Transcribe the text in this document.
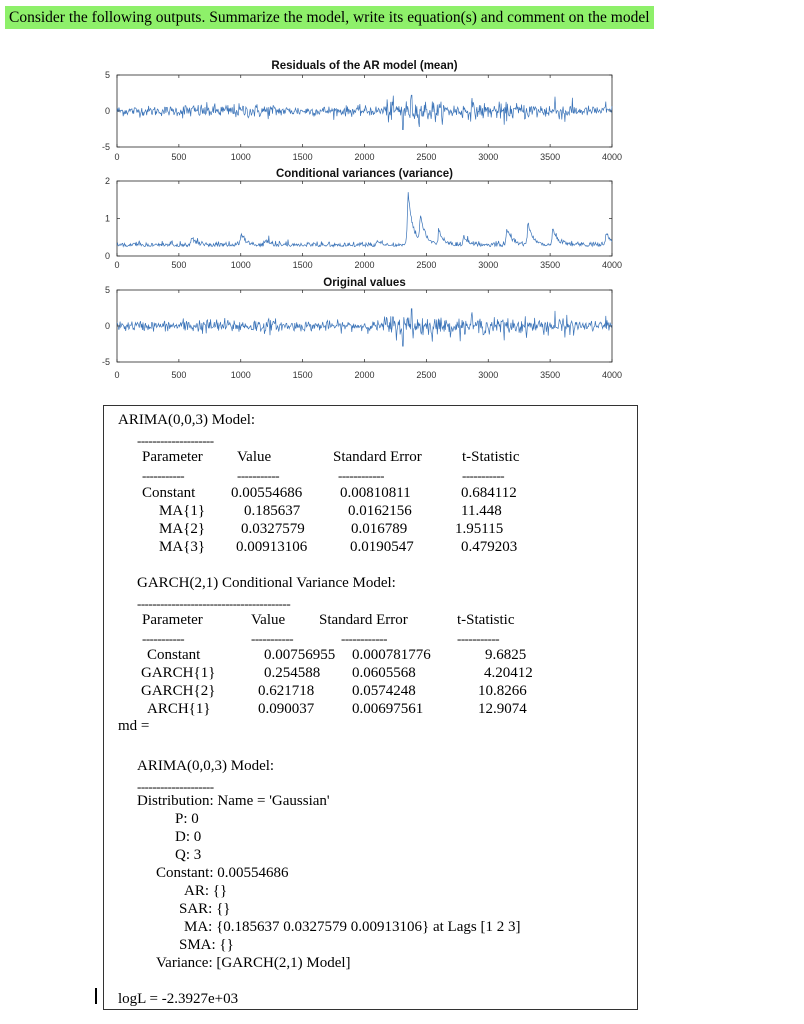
Consider the following outputs. Summarize the model, write its equation(s) and comment on the model
Residuals of the AR model (mean)
0	500	1000	1500	2000	2500	3000	3500	4000
5
0
-5
Conditional variances (variance)
0	500	1000	1500	2000	2500	3000	3500	4000
2
1
0
Original values
0	500	1000	1500	2000	2500	3000	3500	4000
5
0
-5
ARIMA(0,0,3) Model:
--------------------
Parameter Value	Standard Error	t-Statistic
-----------	-----------	------------	-----------
Constant 0.00554686	0.00810811	0.684112
MA{1}	0.185637	0.0162156	11.448
MA{2} 0.0327579	0.016789	1.95115
MA{3} 0.00913106	0.0190547	0.479203
GARCH(2,1) Conditional Variance Model:
----------------------------------------
Parameter	Value Standard Error	t-Statistic
-----------	-----------	------------	-----------
Constant	0.00756955 0.000781776	9.6825
GARCH{1}	0.254588 0.0605568	4.20412
GARCH{2}	0.621718	0.0574248	10.8266
ARCH{1}	0.090037	0.00697561	12.9074
md =
ARIMA(0,0,3) Model:
--------------------
Distribution: Name = 'Gaussian'
P: 0
D: 0
Q: 3
Constant: 0.00554686
AR: {}
SAR: {}
MA: {0.185637 0.0327579 0.00913106} at Lags [1 2 3]
SMA: {}
Variance: [GARCH(2,1) Model]
logL = -2.3927e+03
